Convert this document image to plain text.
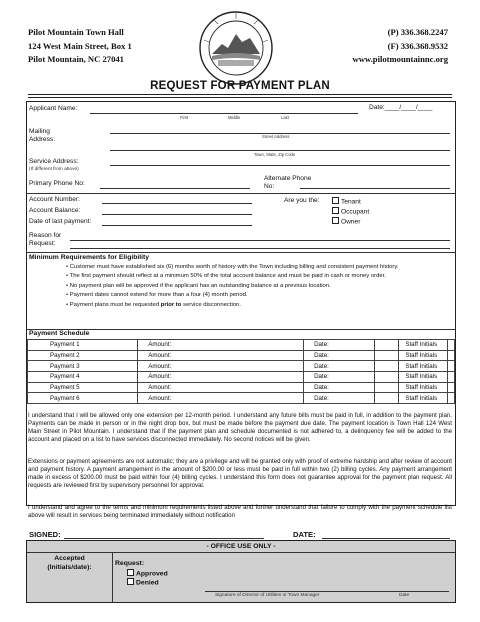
Pilot Mountain Town Hall
124 West Main Street, Box 1
Pilot Mountain, NC 27041
(P) 336.368.2247
(F) 336.368.9532
www.pilotmountainnc.org
REQUEST FOR PAYMENT PLAN
Applicant Name:	Date:____/____/____
First	Middle	Last
Mailing Address:	Street Address
Town, State, Zip Code
Service Address:
(If different from above)
Primary Phone No:
Alternate Phone No:
Account Number:
Account Balance:
Date of last payment:
Are you the:	Tenant
Occupant
Owner
Reason for Request:
Minimum Requirements for Eligibility
• Customer must have established six (6) months worth of history with the Town including billing and consistent payment history.
• The first payment should reflect at a minimum 50% of the total account balance and must be paid in cash or money order.
• No payment plan will be approved if the applicant has an outstanding balance at a previous location.
• Payment dates cannot extend for more than a four (4) month period.
• Payment plans must be requested prior to service disconnection.
Payment Schedule
Payment 1	Amount:	Date:		Staff Initials	
Payment 2	Amount:	Date:		Staff Initials	
Payment 3	Amount:	Date:		Staff Initials	
Payment 4	Amount:	Date:		Staff Initials	
Payment 5	Amount:	Date:		Staff Initials	
Payment 6	Amount:	Date:		Staff Initials	
I understand that I will be allowed only one extension per 12-month period. I understand any future bills must be paid in full, in addition to the payment plan. Payments can be made in person or in the night drop box, but must be made before the payment due date. The payment location is Town Hall 124 West Main Street in Pilot Mountain. I understand that if the payment plan and schedule documented is not adhered to, a delinquency fee will be added to the account and placed on a list to have services disconnected immediately. No second notices will be given.
Extensions or payment agreements are not automatic; they are a privilege and will be granted only with proof of extreme hardship and after review of account and payment history. A payment arrangement in the amount of $200.00 or less must be paid in full within two (2) billing cycles. Any payment arrangement made in excess of $200.00 must be paid within four (4) billing cycles. I understand this form does not guarantee approval for the payment plan request. All requests are reviewed first by supervisory personnel for approval.
I understand and agree to the terms and minimum requirements listed above and further understand that failure to comply with the payment schedule list above will result in services being terminated immediately without notification
SIGNED:	DATE:
- OFFICE USE ONLY -
Accepted
(Initials/date):	Request:
Approved
Denied
Signature of Director of Utilities or Town Manager	Date
